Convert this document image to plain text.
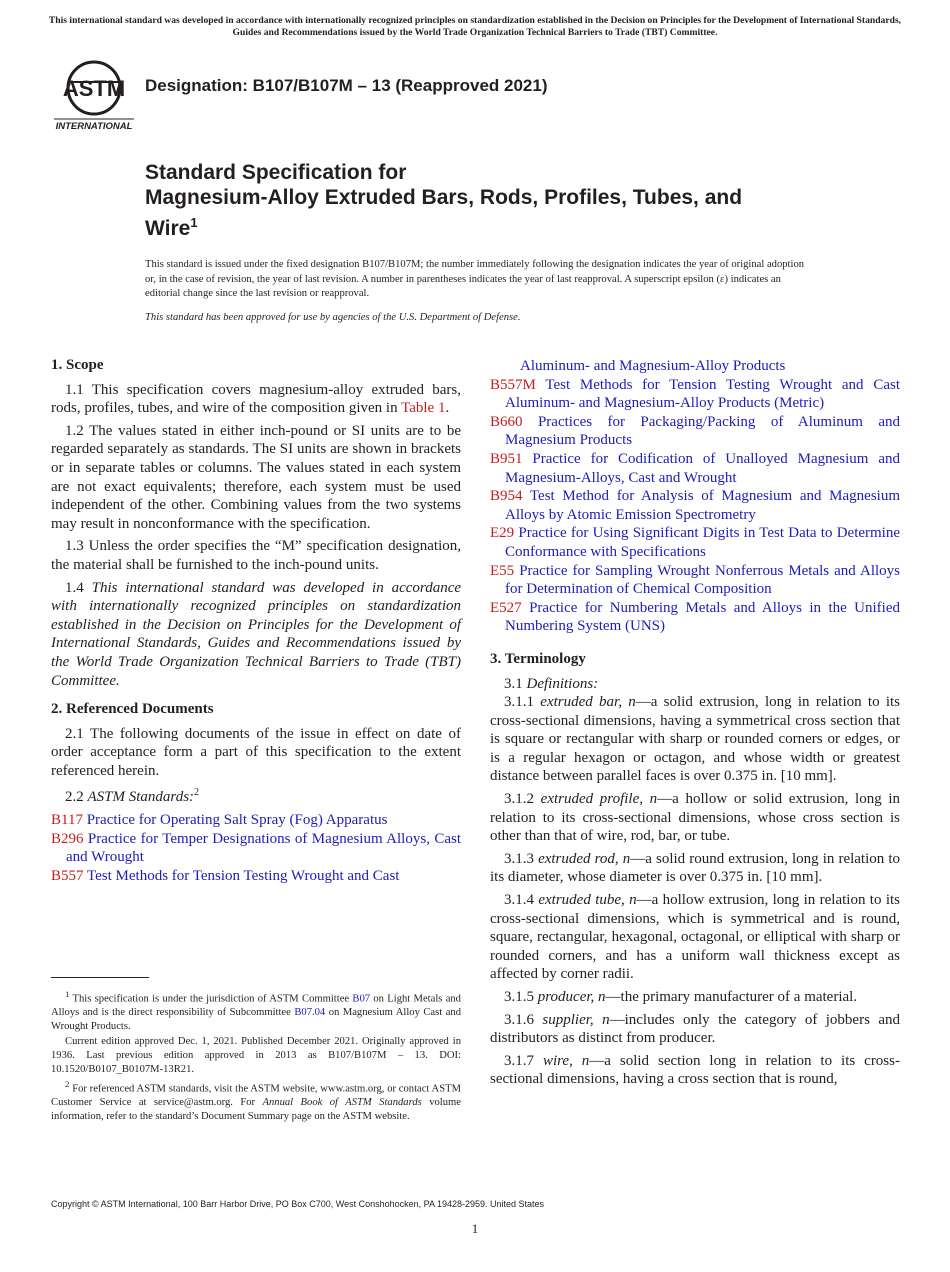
This international standard was developed in accordance with internationally recognized principles on standardization established in the Decision on Principles for the Development of International Standards, Guides and Recommendations issued by the World Trade Organization Technical Barriers to Trade (TBT) Committee.
ASTM
INTERNATIONAL
Designation: B107/B107M – 13 (Reapproved 2021)
Standard Specification for
Magnesium-Alloy Extruded Bars, Rods, Profiles, Tubes, and
Wire$^1$
This standard is issued under the fixed designation B107/B107M; the number immediately following the designation indicates the year of original adoption or, in the case of revision, the year of last revision. A number in parentheses indicates the year of last reapproval. A superscript epsilon (ε) indicates an editorial change since the last revision or reapproval.
This standard has been approved for use by agencies of the U.S. Department of Defense.
1. Scope

1.1 This specification covers magnesium-alloy extruded bars, rods, profiles, tubes, and wire of the composition given in Table 1.

1.2 The values stated in either inch-pound or SI units are to be regarded separately as standards. The SI units are shown in brackets or in separate tables or columns. The values stated in each system are not exact equivalents; therefore, each system must be used independent of the other. Combining values from the two systems may result in nonconformance with the specification.

1.3 Unless the order specifies the “M” specification designation, the material shall be furnished to the inch-pound units.

1.4 This international standard was developed in accordance with internationally recognized principles on standardization established in the Decision on Principles for the Development of International Standards, Guides and Recommendations issued by the World Trade Organization Technical Barriers to Trade (TBT) Committee.

2. Referenced Documents

2.1 The following documents of the issue in effect on date of order acceptance form a part of this specification to the extent referenced herein.

2.2 ASTM Standards:$^2$

B117 Practice for Operating Salt Spray (Fog) Apparatus
B296 Practice for Temper Designations of Magnesium Alloys, Cast and Wrought
B557 Test Methods for Tension Testing Wrought and Cast

$^1$ This specification is under the jurisdiction of ASTM Committee B07 on Light Metals and Alloys and is the direct responsibility of Subcommittee B07.04 on Magnesium Alloy Cast and Wrought Products.

Current edition approved Dec. 1, 2021. Published December 2021. Originally approved in 1936. Last previous edition approved in 2013 as B107/B107M – 13. DOI: 10.1520/B0107_B0107M-13R21.

$^2$ For referenced ASTM standards, visit the ASTM website, www.astm.org, or contact ASTM Customer Service at service@astm.org. For Annual Book of ASTM Standards volume information, refer to the standard’s Document Summary page on the ASTM website.

Aluminum- and Magnesium-Alloy Products
B557M Test Methods for Tension Testing Wrought and Cast Aluminum- and Magnesium-Alloy Products (Metric)
B660 Practices for Packaging/Packing of Aluminum and Magnesium Products
B951 Practice for Codification of Unalloyed Magnesium and Magnesium-Alloys, Cast and Wrought
B954 Test Method for Analysis of Magnesium and Magnesium Alloys by Atomic Emission Spectrometry
E29 Practice for Using Significant Digits in Test Data to Determine Conformance with Specifications
E55 Practice for Sampling Wrought Nonferrous Metals and Alloys for Determination of Chemical Composition
E527 Practice for Numbering Metals and Alloys in the Unified Numbering System (UNS)
3. Terminology

3.1 Definitions:

3.1.1 extruded bar, n—a solid extrusion, long in relation to its cross-sectional dimensions, having a symmetrical cross section that is square or rectangular with sharp or rounded corners or edges, or is a regular hexagon or octagon, and whose width or greatest distance between parallel faces is over 0.375 in. [10 mm].

3.1.2 extruded profile, n—a hollow or solid extrusion, long in relation to its cross-sectional dimensions, whose cross section is other than that of wire, rod, bar, or tube.

3.1.3 extruded rod, n—a solid round extrusion, long in relation to its diameter, whose diameter is over 0.375 in. [10 mm].

3.1.4 extruded tube, n—a hollow extrusion, long in relation to its cross-sectional dimensions, which is symmetrical and is round, square, rectangular, hexagonal, octagonal, or elliptical with sharp or rounded corners, and has a uniform wall thickness except as affected by corner radii.

3.1.5 producer, n—the primary manufacturer of a material.

3.1.6 supplier, n—includes only the category of jobbers and distributors as distinct from producer.

3.1.7 wire, n—a solid section long in relation to its cross-sectional dimensions, having a cross section that is round,

Copyright © ASTM International, 100 Barr Harbor Drive, PO Box C700, West Conshohocken, PA 19428-2959. United States
1
